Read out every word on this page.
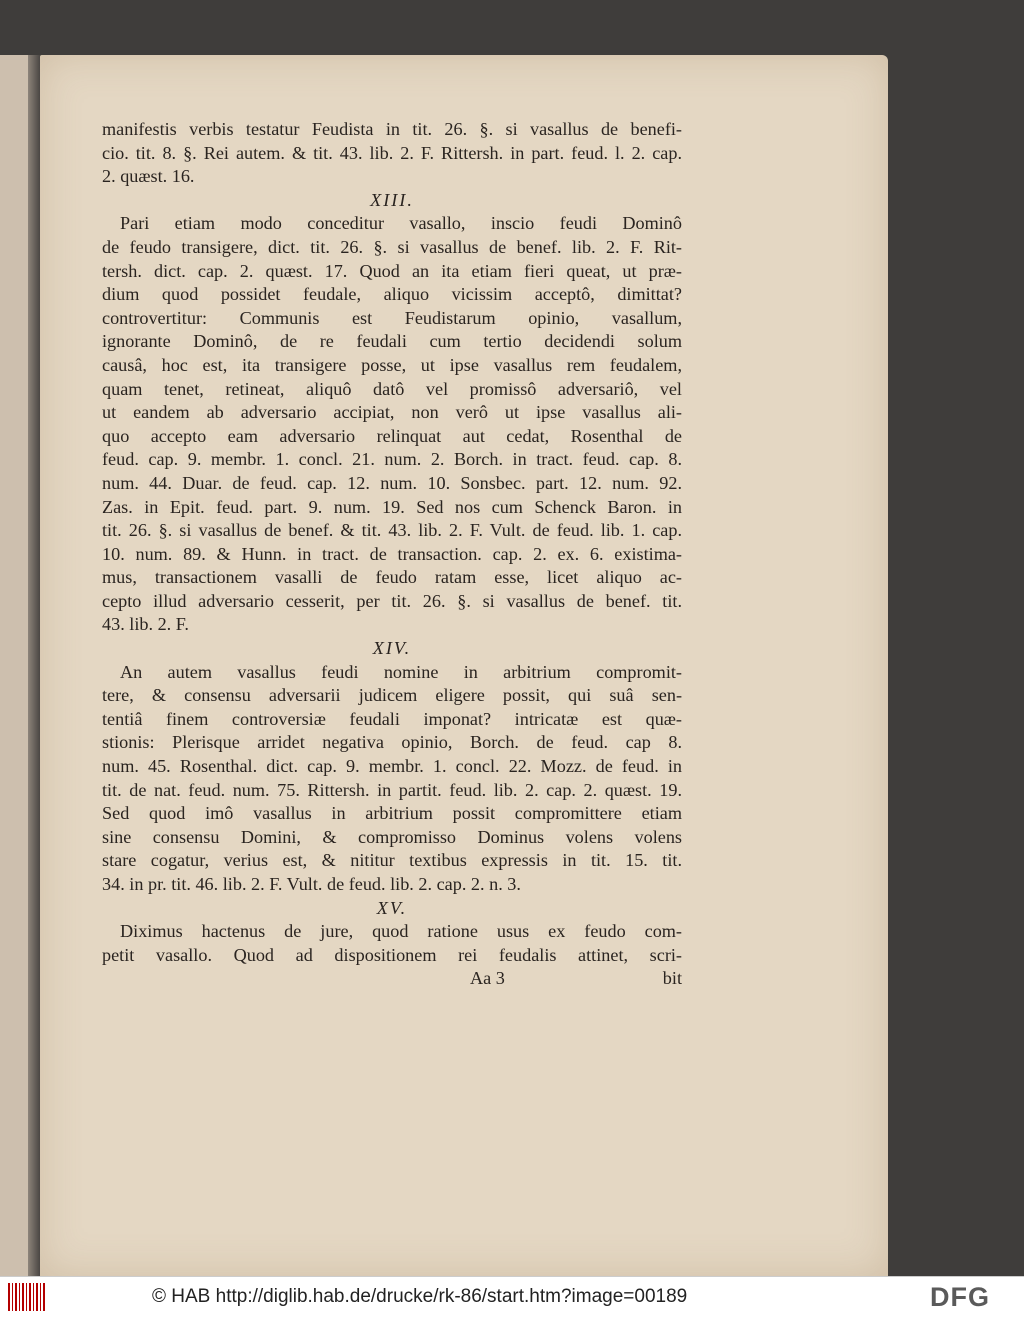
manifestis verbis testatur Feudista in tit. 26. §. si vasallus de benefi-
cio. tit. 8. §. Rei autem. & tit. 43. lib. 2. F. Rittersh. in part. feud. l. 2. cap.
2. quæst. 16.
XIII.
Pari etiam modo conceditur vasallo, inscio feudi Dominô
de feudo transigere, dict. tit. 26. §. si vasallus de benef. lib. 2. F. Rit-
tersh. dict. cap. 2. quæst. 17. Quod an ita etiam fieri queat, ut præ-
dium quod possidet feudale, aliquo vicissim acceptô, dimittat?
controvertitur: Communis est Feudistarum opinio, vasallum,
ignorante Dominô, de re feudali cum tertio decidendi solum
causâ, hoc est, ita transigere posse, ut ipse vasallus rem feudalem,
quam tenet, retineat, aliquô datô vel promissô adversariô, vel
ut eandem ab adversario accipiat, non verô ut ipse vasallus ali-
quo accepto eam adversario relinquat aut cedat, Rosenthal de
feud. cap. 9. membr. 1. concl. 21. num. 2. Borch. in tract. feud. cap. 8.
num. 44. Duar. de feud. cap. 12. num. 10. Sonsbec. part. 12. num. 92.
Zas. in Epit. feud. part. 9. num. 19. Sed nos cum Schenck Baron. in
tit. 26. §. si vasallus de benef. & tit. 43. lib. 2. F. Vult. de feud. lib. 1. cap.
10. num. 89. & Hunn. in tract. de transaction. cap. 2. ex. 6. existima-
mus, transactionem vasalli de feudo ratam esse, licet aliquo ac-
cepto illud adversario cesserit, per tit. 26. §. si vasallus de benef. tit.
43. lib. 2. F.
XIV.
An autem vasallus feudi nomine in arbitrium compromit-
tere, & consensu adversarii judicem eligere possit, qui suâ sen-
tentiâ finem controversiæ feudali imponat? intricatæ est quæ-
stionis: Plerisque arridet negativa opinio, Borch. de feud. cap 8.
num. 45. Rosenthal. dict. cap. 9. membr. 1. concl. 22. Mozz. de feud. in
tit. de nat. feud. num. 75. Rittersh. in partit. feud. lib. 2. cap. 2. quæst. 19.
Sed quod imô vasallus in arbitrium possit compromittere etiam
sine consensu Domini, & compromisso Dominus volens volens
stare cogatur, verius est, & nititur textibus expressis in tit. 15. tit.
34. in pr. tit. 46. lib. 2. F. Vult. de feud. lib. 2. cap. 2. n. 3.
XV.
Diximus hactenus de jure, quod ratione usus ex feudo com-
petit vasallo. Quod ad dispositionem rei feudalis attinet, scri-
Aa 3	bit
© HAB http://diglib.hab.de/drucke/rk-86/start.htm?image=00189	DFG
